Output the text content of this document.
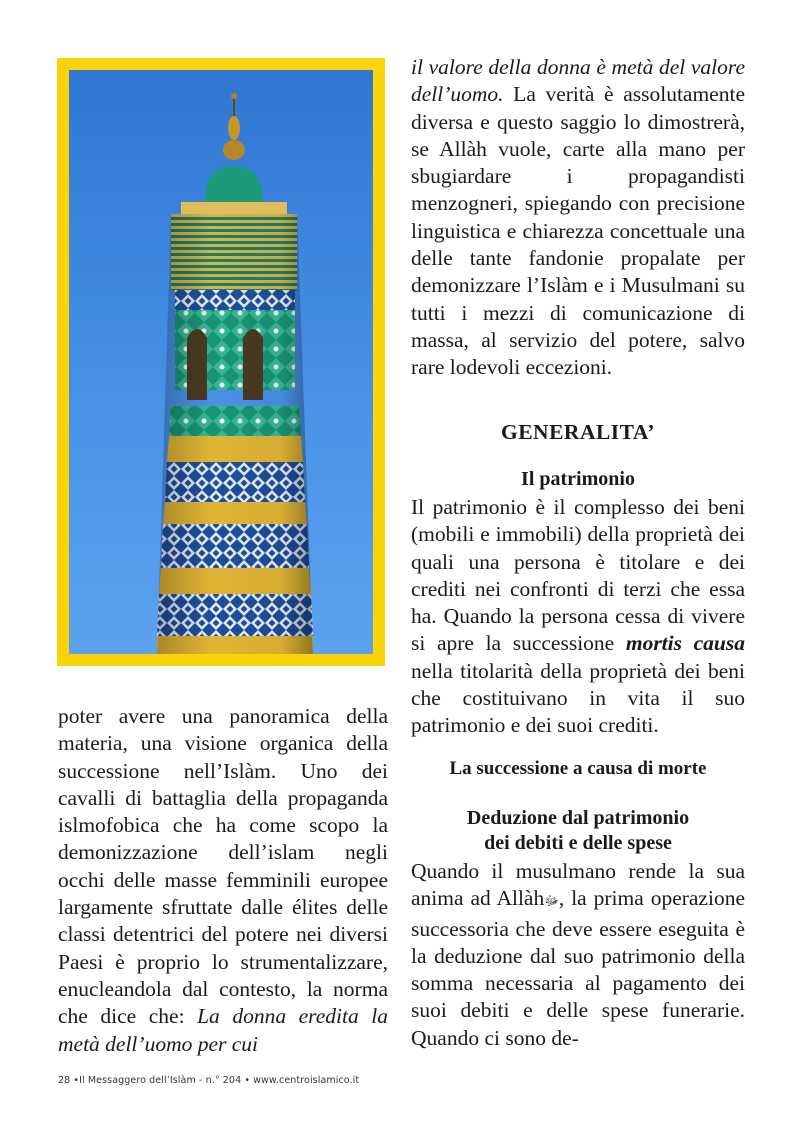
il valore della donna è metà del valore dell’uomo. La verità è assolutamente diversa e questo saggio lo dimostrerà, se Allàh vuole, carte alla mano per sbugiardare i propagandisti menzogneri, spiegando con precisione linguistica e chiarezza concettuale una delle tante fandonie propalate per demonizzare l’Islàm e i Musulmani su tutti i mezzi di comunicazione di massa, al servizio del potere, salvo rare lodevoli eccezioni.

GENERALITA’
Il patrimonio

Il patrimonio è il complesso dei beni (mobili e immobili) della proprietà dei quali una persona è titolare e dei crediti nei confronti di terzi che essa ha. Quando la persona cessa di vivere si apre la successione mortis causa nella titolarità della proprietà dei beni che costituivano in vita il suo patrimonio e dei suoi crediti.

La successione a causa di morte
Deduzione dal patrimonio
dei debiti e delle spese

Quando il musulmano rende la sua anima ad Allàhﷻ, la prima operazione successoria che deve essere eseguita è la deduzione dal suo patrimonio della somma necessaria al pagamento dei suoi debiti e delle spese funerarie. Quando ci sono de-

poter avere una panoramica della materia, una visione organica della successione nell’Islàm. Uno dei cavalli di battaglia della propaganda islmofobica che ha come scopo la demonizzazione dell’islam negli occhi delle masse femminili europee largamente sfruttate dalle élites delle classi detentrici del potere nei diversi Paesi è proprio lo strumentalizzare, enucleandola dal contesto, la norma che dice che: La donna eredita la metà dell’uomo per cui

28 •Il Messaggero dell’Islàm - n.° 204 • www.centroislamico.it
